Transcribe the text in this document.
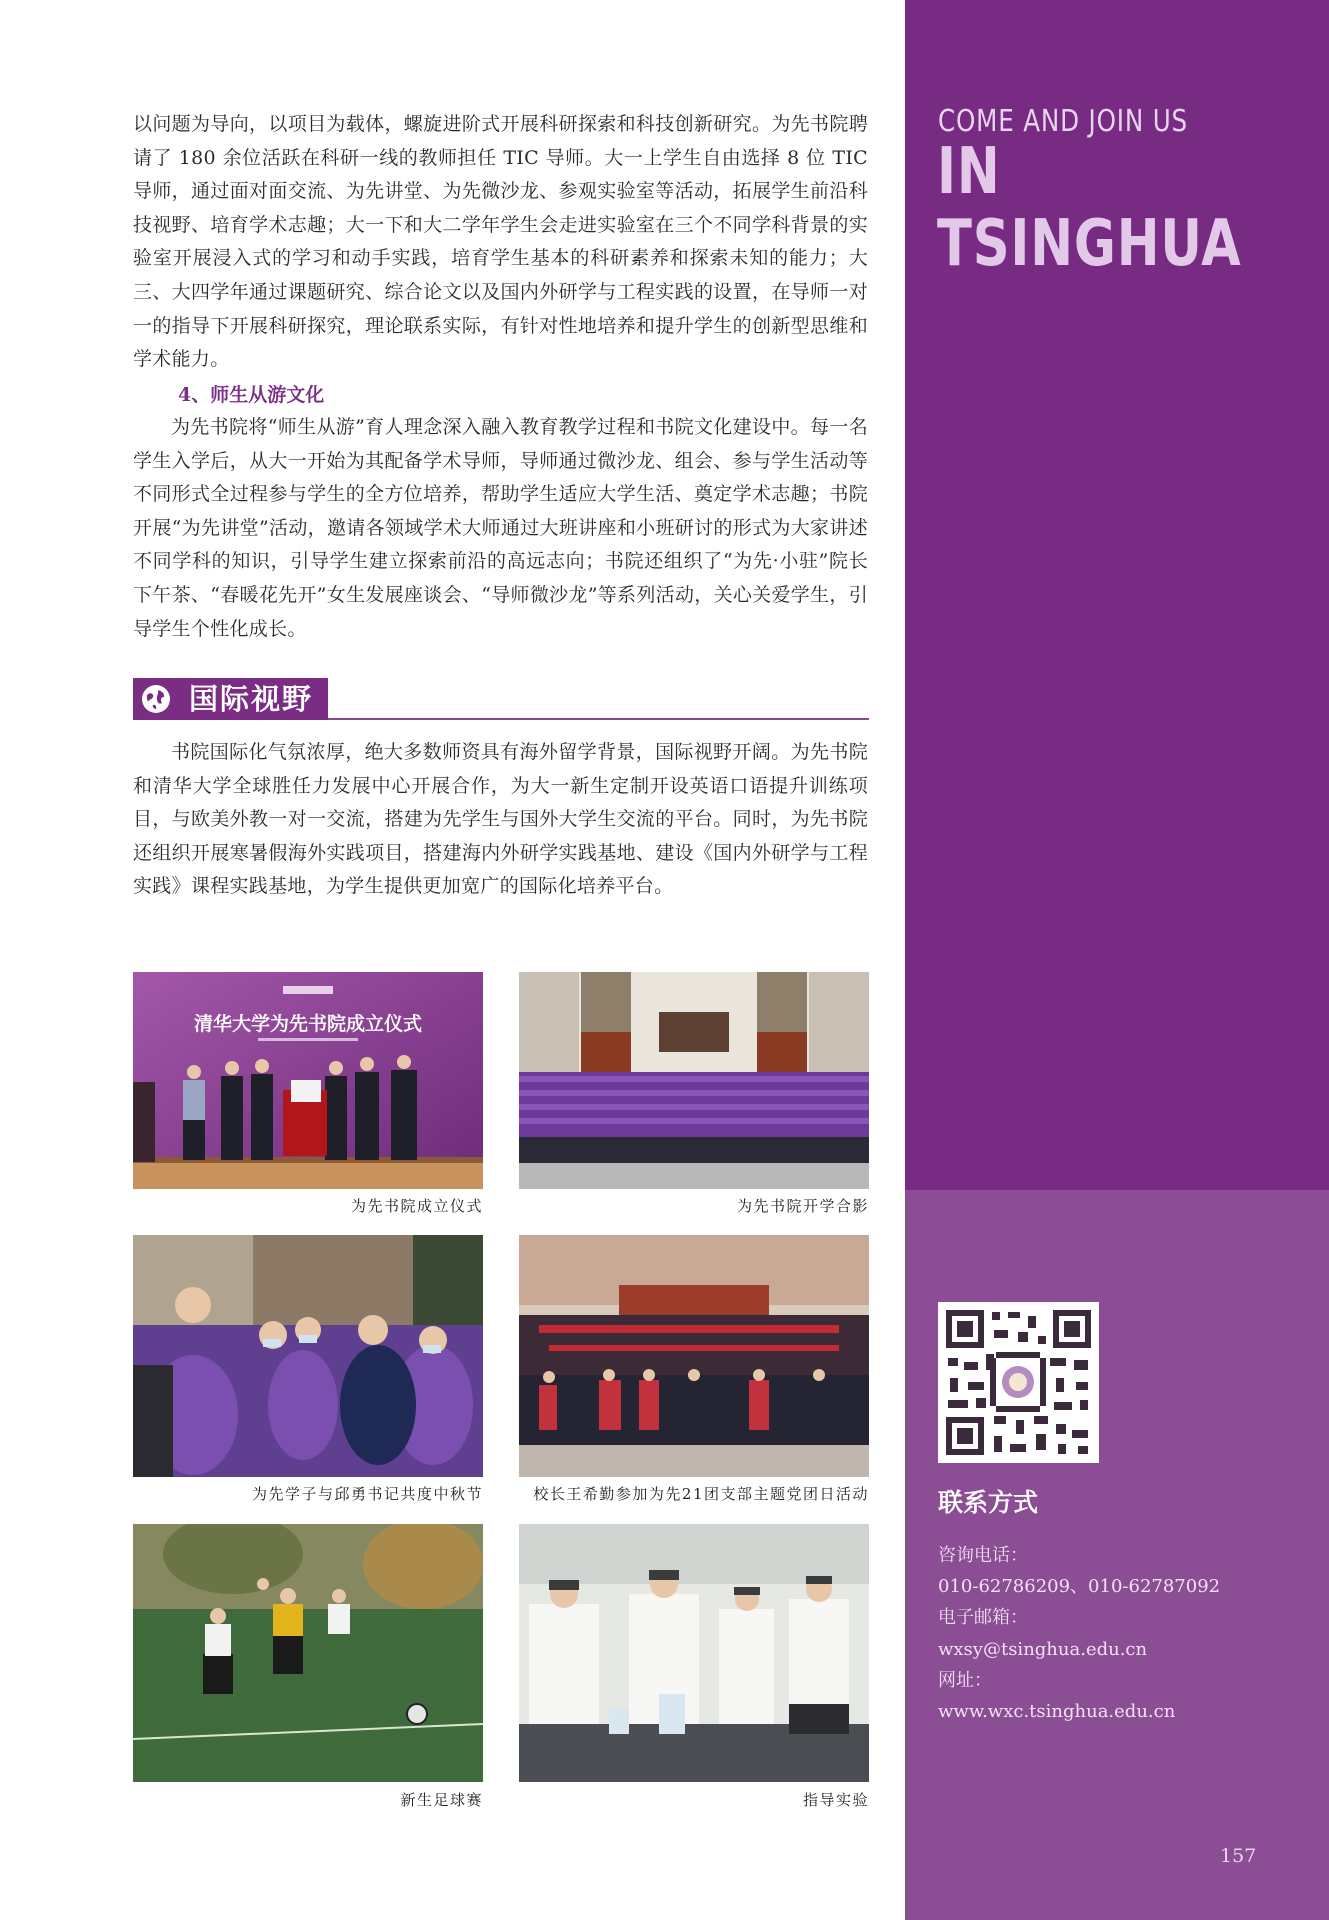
以问题为导向，以项目为载体，螺旋进阶式开展科研探索和科技创新研究。为先书院聘请了 180 余位活跃在科研一线的教师担任 TIC 导师。大一上学生自由选择 8 位 TIC 导师，通过面对面交流、为先讲堂、为先微沙龙、参观实验室等活动，拓展学生前沿科技视野、培育学术志趣；大一下和大二学年学生会走进实验室在三个不同学科背景的实验室开展浸入式的学习和动手实践，培育学生基本的科研素养和探索未知的能力；大三、大四学年通过课题研究、综合论文以及国内外研学与工程实践的设置，在导师一对一的指导下开展科研探究，理论联系实际，有针对性地培养和提升学生的创新型思维和学术能力。

4、师生从游文化

为先书院将“师生从游”育人理念深入融入教育教学过程和书院文化建设中。每一名学生入学后，从大一开始为其配备学术导师，导师通过微沙龙、组会、参与学生活动等不同形式全过程参与学生的全方位培养，帮助学生适应大学生活、奠定学术志趣；书院开展“为先讲堂”活动，邀请各领域学术大师通过大班讲座和小班研讨的形式为大家讲述不同学科的知识，引导学生建立探索前沿的高远志向；书院还组织了“为先·小驻”院长下午茶、“春暖花先开”女生发展座谈会、“导师微沙龙”等系列活动，关心关爱学生，引导学生个性化成长。

国际视野

书院国际化气氛浓厚，绝大多数师资具有海外留学背景，国际视野开阔。为先书院和清华大学全球胜任力发展中心开展合作，为大一新生定制开设英语口语提升训练项目，与欧美外教一对一交流，搭建为先学生与国外大学生交流的平台。同时，为先书院还组织开展寒暑假海外实践项目，搭建海内外研学实践基地、建设《国内外研学与工程实践》课程实践基地，为学生提供更加宽广的国际化培养平台。

清华大学为先书院成立仪式
为先书院成立仪式	为先书院开学合影
为先学子与邱勇书记共度中秋节	校长王希勤参加为先21团支部主题党团日活动
新生足球赛	指导实验
COME AND JOIN US
IN TSINGHUA
联系方式
咨询电话：
010-62786209、010-62787092
电子邮箱：
wxsy@tsinghua.edu.cn
网址：
www.wxc.tsinghua.edu.cn
157
